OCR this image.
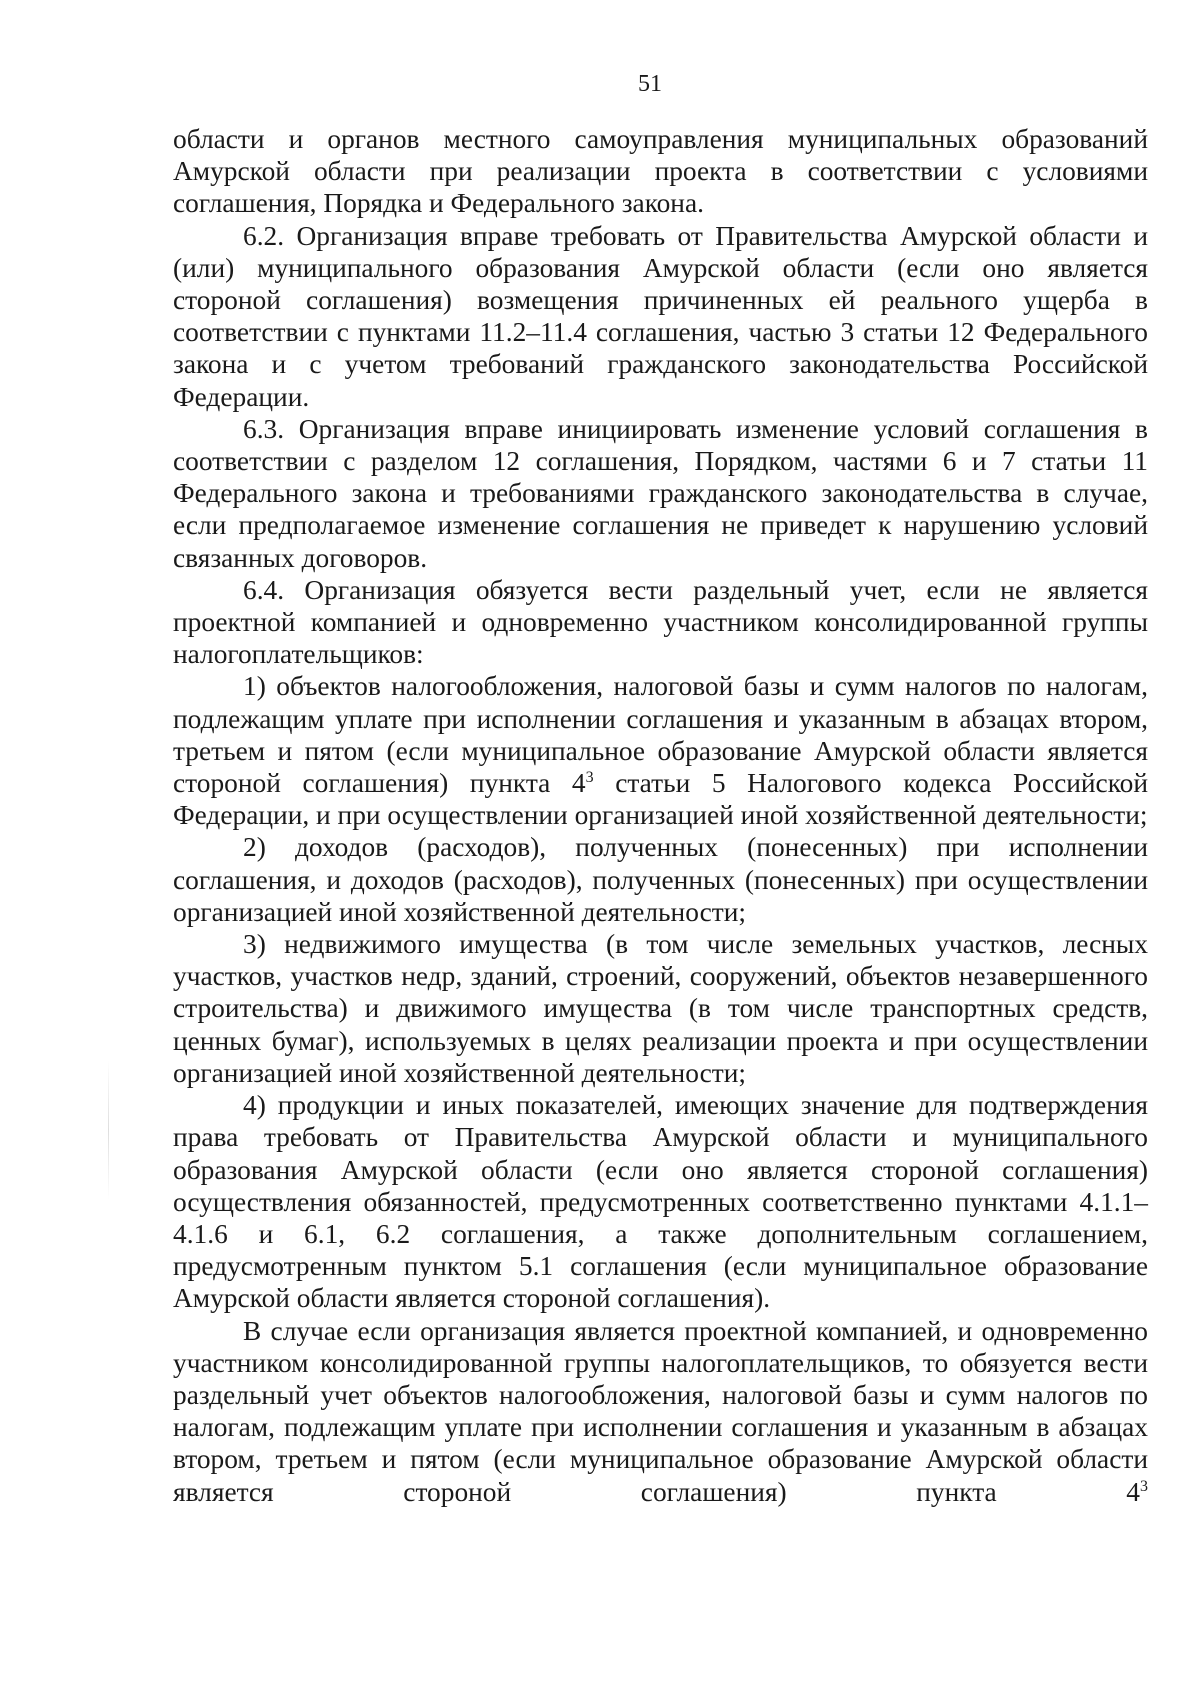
51

области и органов местного самоуправления муниципальных образований Амурской области при реализации проекта в соответствии с условиями соглашения, Порядка и Федерального закона.

6.2. Организация вправе требовать от Правительства Амурской области и (или) муниципального образования Амурской области (если оно является стороной соглашения) возмещения причиненных ей реального ущерба в соответствии с пунктами 11.2–11.4 соглашения, частью 3 статьи 12 Федерального закона и с учетом требований гражданского законодательства Российской Федерации.

6.3. Организация вправе инициировать изменение условий соглашения в соответствии с разделом 12 соглашения, Порядком, частями 6 и 7 статьи 11 Федерального закона и требованиями гражданского законодательства в случае, если предполагаемое изменение соглашения не приведет к нарушению условий связанных договоров.

6.4. Организация обязуется вести раздельный учет, если не является проектной компанией и одновременно участником консолидированной группы налогоплательщиков:

1) объектов налогообложения, налоговой базы и сумм налогов по налогам, подлежащим уплате при исполнении соглашения и указанным в абзацах втором, третьем и пятом (если муниципальное образование Амурской области является стороной соглашения) пункта $4^3$ статьи 5 Налогового кодекса Российской Федерации, и при осуществлении организацией иной хозяйственной деятельности;

2) доходов (расходов), полученных (понесенных) при исполнении соглашения, и доходов (расходов), полученных (понесенных) при осуществлении организацией иной хозяйственной деятельности;

3) недвижимого имущества (в том числе земельных участков, лесных участков, участков недр, зданий, строений, сооружений, объектов незавершенного строительства) и движимого имущества (в том числе транспортных средств, ценных бумаг), используемых в целях реализации проекта и при осуществлении организацией иной хозяйственной деятельности;

4) продукции и иных показателей, имеющих значение для подтверждения права требовать от Правительства Амурской области и муниципального образования Амурской области (если оно является стороной соглашения) осуществления обязанностей, предусмотренных соответственно пунктами 4.1.1–4.1.6 и 6.1, 6.2 соглашения, а также дополнительным соглашением, предусмотренным пунктом 5.1 соглашения (если муниципальное образование Амурской области является стороной соглашения).

В случае если организация является проектной компанией, и одновременно участником консолидированной группы налогоплательщиков, то обязуется вести раздельный учет объектов налогообложения, налоговой базы и сумм налогов по налогам, подлежащим уплате при исполнении соглашения и указанным в абзацах втором, третьем и пятом (если муниципальное образование Амурской области является стороной соглашения) пункта $4^3$
